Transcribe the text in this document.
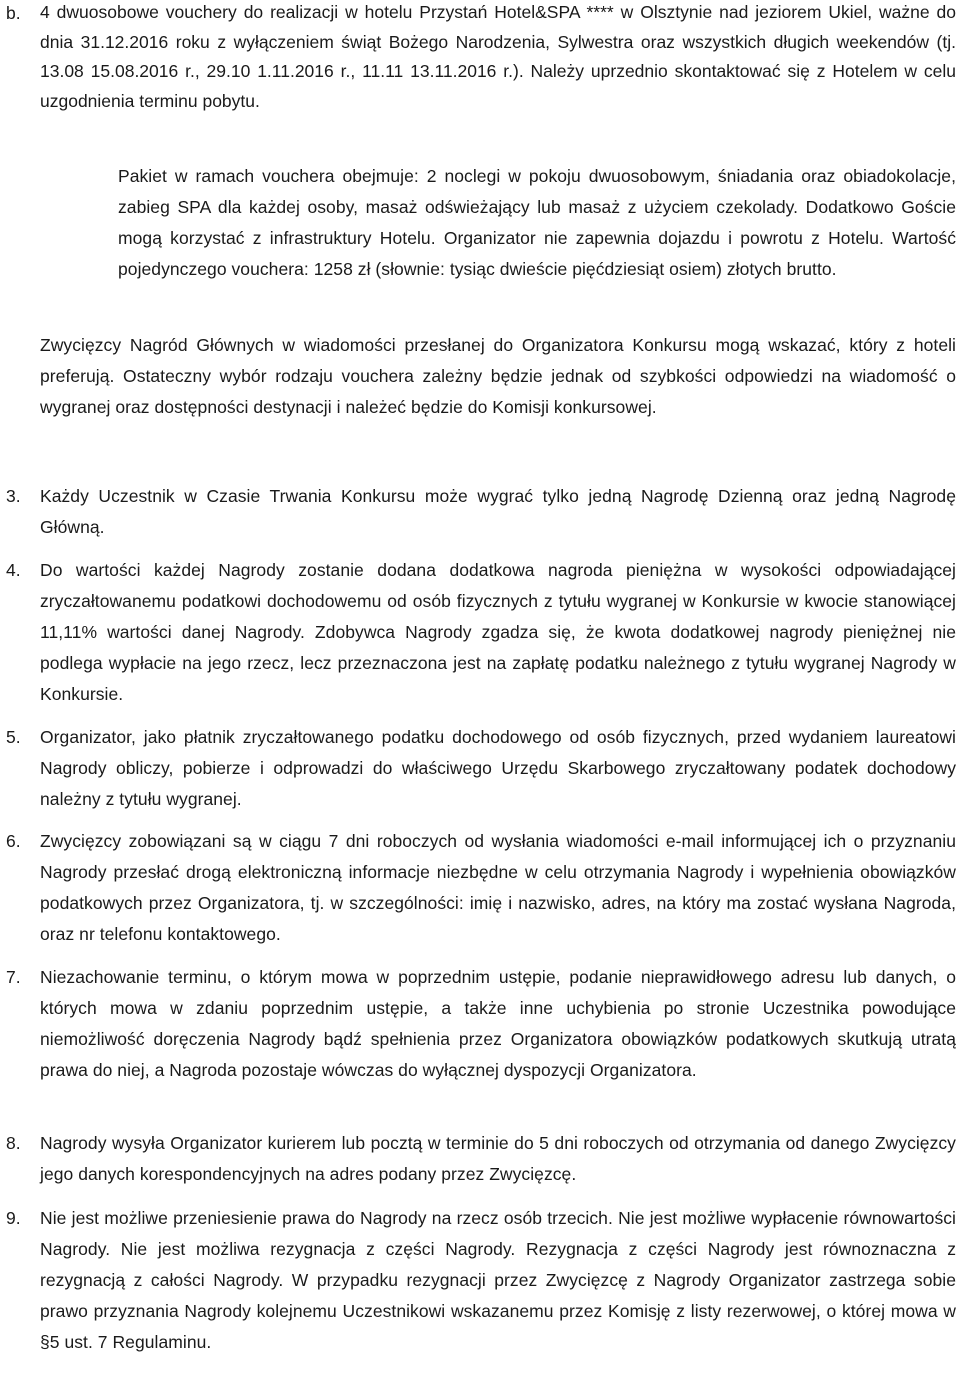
b.	4 dwuosobowe vouchery do realizacji w hotelu Przystań Hotel&SPA **** w Olsztynie nad jeziorem Ukiel, ważne do dnia 31.12.2016 roku z wyłączeniem świąt Bożego Narodzenia, Sylwestra oraz wszystkich długich weekendów (tj. 13.08 15.08.2016 r., 29.10 1.11.2016 r., 11.11 13.11.2016 r.). Należy uprzednio skontaktować się z Hotelem w celu uzgodnienia terminu pobytu.
Pakiet w ramach vouchera obejmuje: 2 noclegi w pokoju dwuosobowym, śniadania oraz obiadokolacje, zabieg SPA dla każdej osoby, masaż odświeżający lub masaż z użyciem czekolady. Dodatkowo Goście mogą korzystać z infrastruktury Hotelu. Organizator nie zapewnia dojazdu i powrotu z Hotelu. Wartość pojedynczego vouchera: 1258 zł (słownie: tysiąc dwieście pięćdziesiąt osiem) złotych brutto.
Zwycięzcy Nagród Głównych w wiadomości przesłanej do Organizatora Konkursu mogą wskazać, który z hoteli preferują. Ostateczny wybór rodzaju vouchera zależny będzie jednak od szybkości odpowiedzi na wiadomość o wygranej oraz dostępności destynacji i należeć będzie do Komisji konkursowej.
3.	Każdy Uczestnik w Czasie Trwania Konkursu może wygrać tylko jedną Nagrodę Dzienną oraz jedną Nagrodę Główną.
4.	Do wartości każdej Nagrody zostanie dodana dodatkowa nagroda pieniężna w wysokości odpowiadającej zryczałtowanemu podatkowi dochodowemu od osób fizycznych z tytułu wygranej w Konkursie w kwocie stanowiącej 11,11% wartości danej Nagrody. Zdobywca Nagrody zgadza się, że kwota dodatkowej nagrody pieniężnej nie podlega wypłacie na jego rzecz, lecz przeznaczona jest na zapłatę podatku należnego z tytułu wygranej Nagrody w Konkursie.
5.	Organizator, jako płatnik zryczałtowanego podatku dochodowego od osób fizycznych, przed wydaniem laureatowi Nagrody obliczy, pobierze i odprowadzi do właściwego Urzędu Skarbowego zryczałtowany podatek dochodowy należny z tytułu wygranej.
6.	Zwycięzcy zobowiązani są w ciągu 7 dni roboczych od wysłania wiadomości e-mail informującej ich o przyznaniu Nagrody przesłać drogą elektroniczną informacje niezbędne w celu otrzymania Nagrody i wypełnienia obowiązków podatkowych przez Organizatora, tj. w szczególności: imię i nazwisko, adres, na który ma zostać wysłana Nagroda, oraz nr telefonu kontaktowego.
7.	Niezachowanie terminu, o którym mowa w poprzednim ustępie, podanie nieprawidłowego adresu lub danych, o których mowa w zdaniu poprzednim ustępie, a także inne uchybienia po stronie Uczestnika powodujące niemożliwość doręczenia Nagrody bądź spełnienia przez Organizatora obowiązków podatkowych skutkują utratą prawa do niej, a Nagroda pozostaje wówczas do wyłącznej dyspozycji Organizatora.
8.	Nagrody wysyła Organizator kurierem lub pocztą w terminie do 5 dni roboczych od otrzymania od danego Zwycięzcy jego danych korespondencyjnych na adres podany przez Zwycięzcę.
9.	Nie jest możliwe przeniesienie prawa do Nagrody na rzecz osób trzecich. Nie jest możliwe wypłacenie równowartości Nagrody. Nie jest możliwa rezygnacja z części Nagrody. Rezygnacja z części Nagrody jest równoznaczna z rezygnacją z całości Nagrody. W przypadku rezygnacji przez Zwycięzcę z Nagrody Organizator zastrzega sobie prawo przyznania Nagrody kolejnemu Uczestnikowi wskazanemu przez Komisję z listy rezerwowej, o której mowa w §5 ust. 7 Regulaminu.
